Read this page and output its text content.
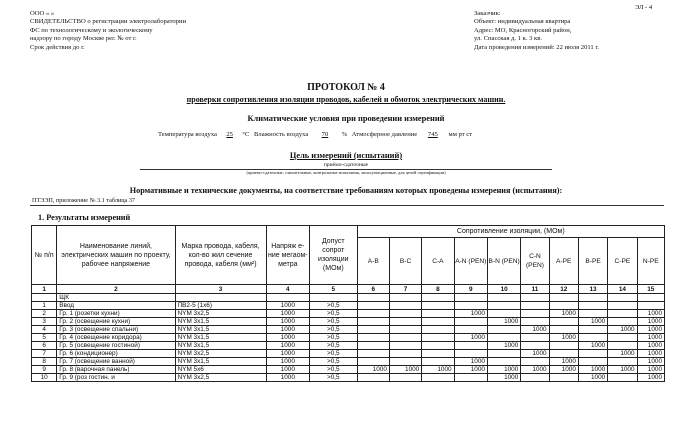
ЭЛ - 4
ООО « »
СВИДЕТЕЛЬСТВО о регистрации электролаборатории
ФС по технологическому и экологическому
надзору по городу Москве рег. № от г.
Срок действия до г.
Заказчик:
Объект: индивидуальная квартира
Адрес: МО, Красногорский район,
ул. Спасская д. 1 к. 3 кв.
Дата проведения измерений: 22 июля 2011 г.
ПРОТОКОЛ № 4
проверки сопротивления изоляции проводов, кабелей и обмоток электрических машин.
Климатические условия при проведении измерений
Температура воздуха 25 °С Влажность воздуха 70 % Атмосферное давление 745 мм рт ст
Цель измерений (испытаний)
приёмо-сдаточные
(приемо-сдаточные, сличительные, контрольные испытания, эксплуатационные, для целей сертификации)
Нормативные и технические документы, на соответствие требованиям которых проведены измерения (испытания):
ПТЭЭП, приложение № 3.1 таблица 37
1. Результаты измерений
№ п/п	Наименование линий, электрических машин по проекту, рабочее напряжение	Марка провода, кабеля, кол-во жил сечение провода, кабеля (мм²)	Напряж е-ние мегаом-метра	Допуст сопрот изоляции (МОм)	Сопротивление изоляции, (МОм)									
					A-B	B-C	C-A	A-N (PEN)	B-N (PEN)	C-N (PEN)	A-PE	B-PE	C-PE	N-PE
1	2	3	4	5	6	7	8	9	10	11	12	13	14	15
	ЩК													
1	Ввод	ПВ2-5 (1х6)	1000	>0,5										
2	Гр. 1 (розетки кухни)	NYM 3х2,5	1000	>0,5				1000			1000			1000
3	Гр. 2 (освещение кухни)	NYM 3х1,5	1000	>0,5					1000			1000		1000
4	Гр. 3 (освещение спальни)	NYM 3х1,5	1000	>0,5						1000			1000	1000
5	Гр. 4 (освещение коридора)	NYM 3х1,5	1000	>0,5				1000			1000			1000
6	Гр. 5 (освещение гостиной)	NYM 3х1,5	1000	>0,5					1000			1000		1000
7	Гр. 6 (кондиционер)	NYM 3х2,5	1000	>0,5						1000			1000	1000
8	Гр. 7 (освещение ванной)	NYM 3х1,5	1000	>0,5				1000			1000			1000
9	Гр. 8 (варочная панель)	NYM 5х6	1000	>0,5	1000	1000	1000	1000	1000	1000	1000	1000	1000	1000
10	Гр. 9 (роз гостин. и	NYM 3х2,5	1000	>0,5					1000			1000		1000
